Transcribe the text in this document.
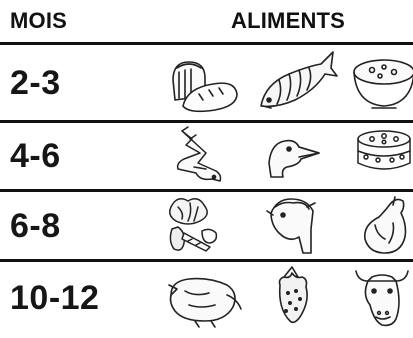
MOIS	ALIMENTS
2-3
4-6
6-8
10-12
